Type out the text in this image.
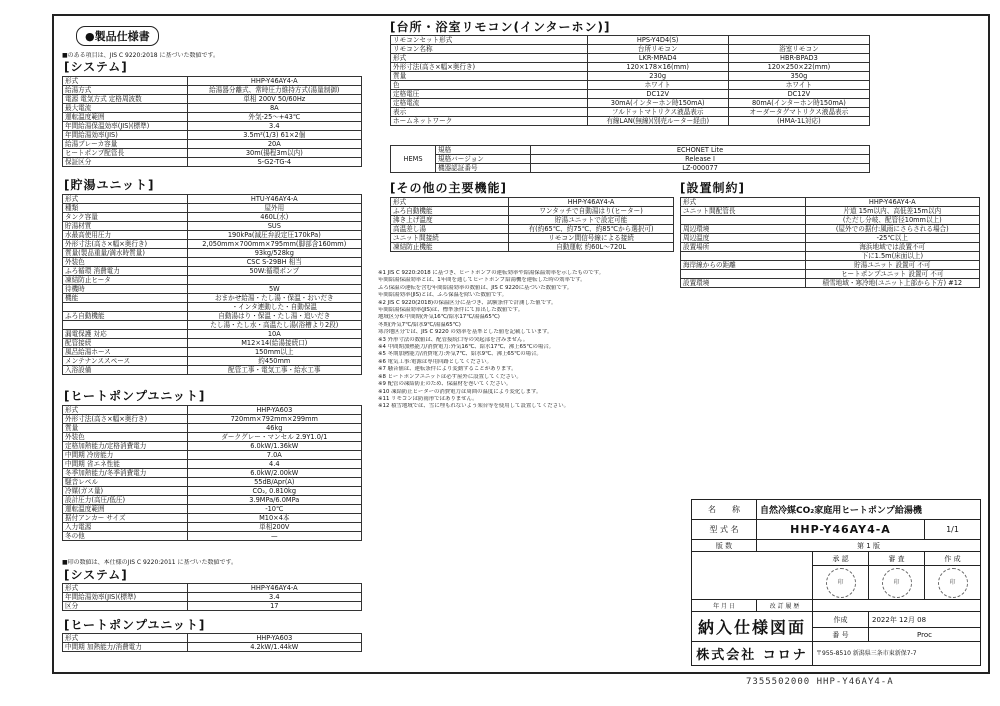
●製品仕様書
■のある項目は、JIS C 9220:2018 に基づいた数値です。
[システム]
形式	HHP-Y46AY4-A
給湯方式	給湯器分離式、常時圧力維持方式(湯量制御)
電源 電気方式 定格周波数	単相 200V 50/60Hz
最大電流	8A
運転温度範囲	外気-25～+43℃
年間給湯保温効率(JIS)(標準)	3.4
年間給湯効率(JIS)	3.5m²(1/3) 61×2個
給湯ブレーカ容量	20A
ヒートポンプ配管長	30m(揚程3m以内)
保証区分	S-G2-TG-4
[貯湯ユニット]
形式	HTU-Y46AY4-A
種類	屋外用
タンク容量	460L(水)
貯湯材質	SUS
水最高使用圧力	190kPa(減圧弁設定圧170kPa)
外形寸法(高さ×幅×奥行き)	2,050mm×700mm×795mm(脚部含160mm)
質量(製品重量/満水時質量)	93kg/528kg
外装色	CSC S-29BH 相当
ふろ循環 消費電力	50W:循環ポンプ
凍結防止ヒータ	
待機時	5W
機能	おまかせ給湯・たし湯・保温・おいだき
	・インタ連動した・自動保温
ふろ自動機能	自動湯はり・保温・たし湯・追いだき
	たし湯・たし水・高温たし湯(浴槽より2段)
漏電保護 対応	10A
配管接続	M12×14(給湯接続口)
風呂給湯ホース	150mm以上
メンテナンススペース	約450mm
入浴設備	配管工事・電気工事・給水工事
[ヒートポンプユニット]
形式	HHP-YA603
外形寸法(高さ×幅×奥行き)	720mm×792mm×299mm
質量	46kg
外装色	ダークグレー・マンセル 2.9Y1.0/1
定格加熱能力/定格消費電力	6.0kW/1.36kW
中間期 冷房能力	7.0A
中間期 省エネ性能	4.4
冬季加熱能力/冬季消費電力	6.0kW/2.00kW
騒音レベル	55dB/Apr(A)
冷媒(ガス量)	CO₂, 0.810kg
設計圧力(高圧/低圧)	3.9MPa/6.0MPa
運転温度範囲	-10℃
据付アンカー サイズ	M10×4本
入力電源	単相200V
冬の他	—
■印の数値は、本仕様のJIS C 9220:2011 に基づいた数値です。
[システム]
形式	HHP-Y46AY4-A
年間給湯効率(JIS)(標準)	3.4
区分	17
[ヒートポンプユニット]
形式	HHP-YA603
中間期 加熱能力/消費電力	4.2kW/1.44kW
[台所・浴室リモコン(インターホン)]
リモコンセット形式	HPS-Y4D4(S)	
リモコン名称	台所リモコン	浴室リモコン
形式	LKR-MPAD4	HBR-BPAD3
外形寸法(高さ×幅×奥行き)	120×178×16(mm)	120×250×22(mm)
質量	230g	350g
色	ホワイト	ホワイト
定格電圧	DC12V	DC12V
定格電流	30mA(インターホン時150mA)	80mA(インターホン時150mA)
表示	フルドットマトリクス液晶表示	オーダータグマトリクス液晶表示
ホームネットワーク	有線LAN(無線)(別売ルーター経由)	(HMA-1L対応)
HEMS	規格	ECHONET Lite
	規格バージョン	Release I
	機器認証番号	LZ-000077
[その他の主要機能]
形式	HHP-Y46AY4-A
ふろ自動機能	ワンタッチで自動湯はり(ヒーター)
沸き上げ温度	貯湯ユニットで設定可能
高温差し湯	有(約65℃、約75℃、約85℃から選択可)
ユニット間接続	リモコン間信号線による接続
凍結防止機能	自動運転 約60L～720L
[設置制約]
形式	HHP-Y46AY4-A
ユニット間配管長	片道 15m以内、高低差15m以内
	(ただし分岐、配管径10mm以上)
周辺環境	(屋外での据付:風雨にさらされる場合)
周辺温度	-25℃以上
設置場所	海浜地域では設置不可
	下に1.5m(床面以上)
海岸線からの距離	貯湯ユニット 設置可 不可
	ヒートポンプユニット 設置可 不可
設置環境	積雪地域・寒冷地(ユニット上部から下方) #12
※1 JIS C 9220:2018 に基づき、ヒートポンプの運転効率や給湯保温効率を示したものです。
年間給湯保温効率とは、1年間を通してヒートポンプ給湯機を運転した時の効率です。
ふろ保温の運転を含む年間給湯効率の数値は、JIS C 9220に基づいた数値です。
年間給湯効率(JIS)とは、ふろ保温を除いた数値です。
※2 JIS C 9220(2018)の保温区分に基づき、試験条件で計測した値です。
年間給湯保温効率(JIS)は、標準条件にて算出した数値です。
地域区分6:中間期(外気16℃/給水17℃/湯温65℃)
冬期(外気7℃/給水9℃/湯温65℃)
寒冷地区分では、JIS C 9220 の効率を基準とした値を記載しています。
※3 外形寸法の数値は、配管接続口等の突起部を含みません。
※4 中間期加熱能力/消費電力:外気16℃、給水17℃、沸上65℃の場合。
※5 冬期加熱能力/消費電力:外気7℃、給水9℃、沸上65℃の場合。
※6 電気工事:電源は専用回路としてください。
※7 騒音値は、運転条件により変動することがあります。
※8 ヒートポンプユニットは必ず屋外に設置してください。
※9 配管の凍結防止のため、保温材を巻いてください。
※10 凍結防止ヒーターの消費電力は周囲の温度により変化します。
※11 リモコンは防雨形ではありません。
※12 積雪地域では、雪に埋もれないよう架台等を使用して設置してください。
名　　称	自然冷媒CO₂家庭用ヒートポンプ給湯機			
型 式 名	HHP-Y46AY4-A			1/1
版 数	第 1 版			
		承 認	審 査	作 成
		印	印	印
年 月 日	改 訂 履 歴			
納入仕様図面		作成	2022年 12月 08	
		番 号	Proc	
株式会社 コロナ		〒955-8510 新潟県三条市東新保7-7		
7355502000 HHP-Y46AY4-A
